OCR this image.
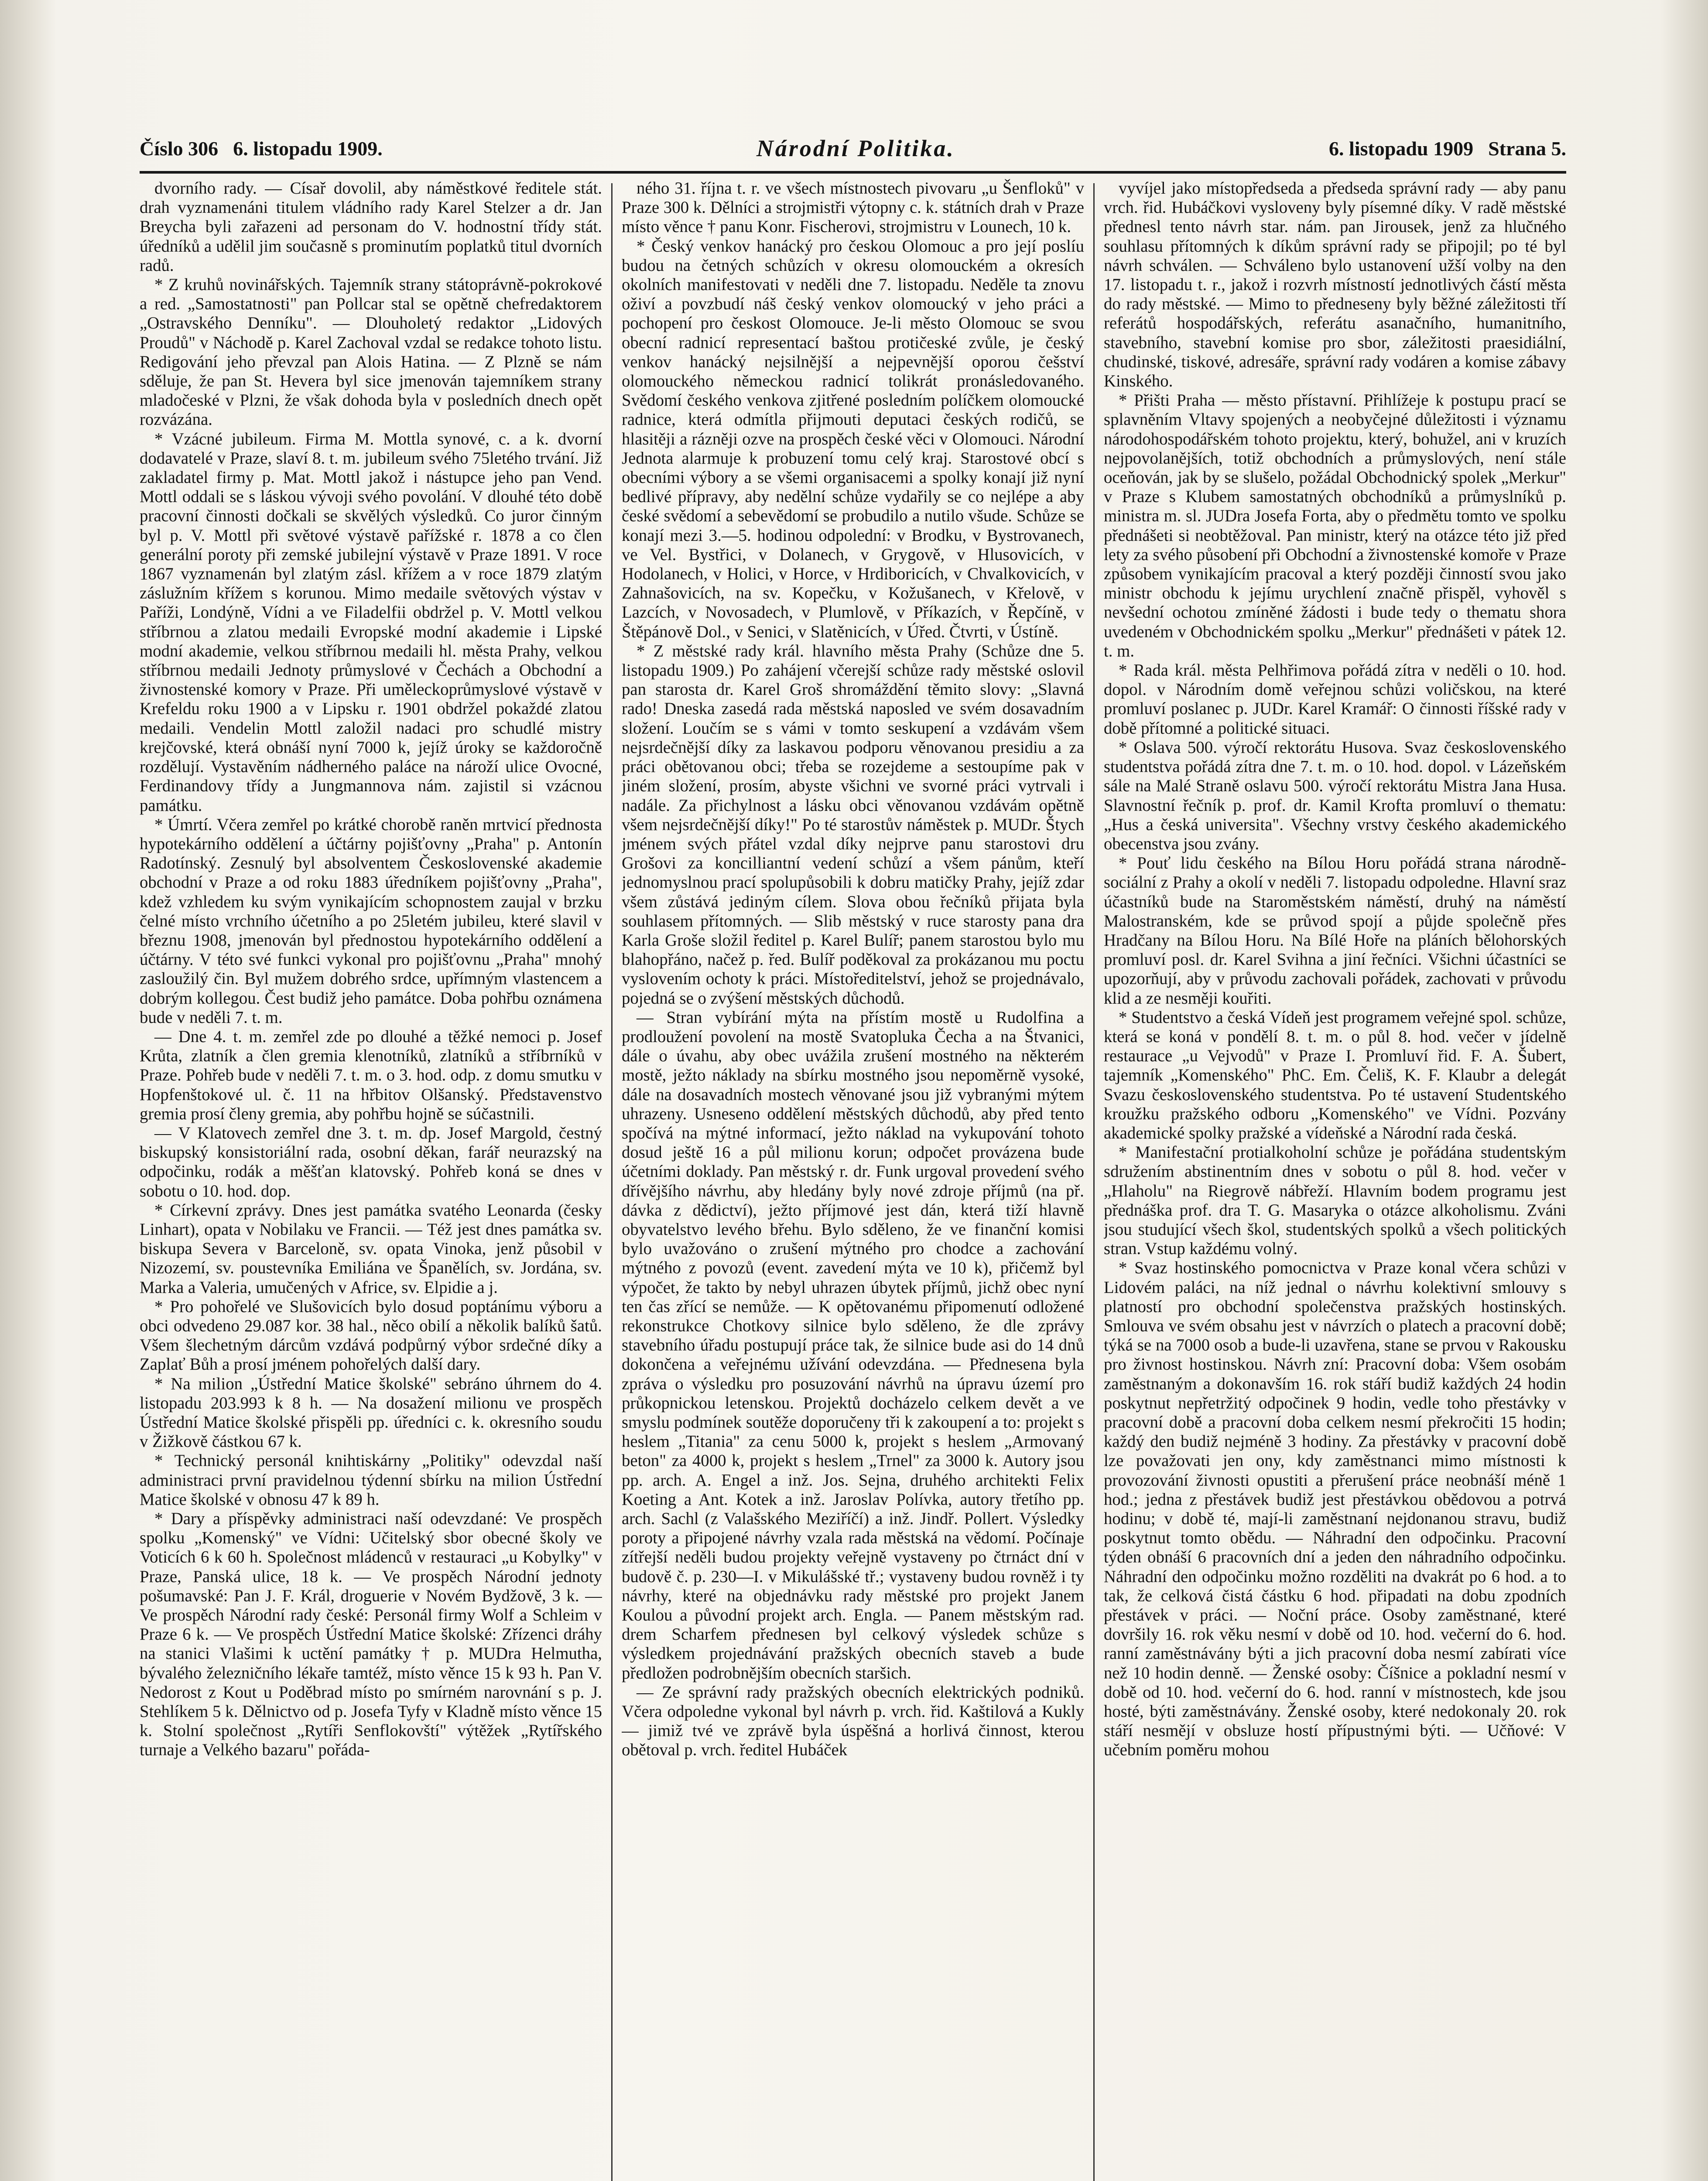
Číslo 306 6. listopadu 1909.	Národní Politika.	6. listopadu 1909 Strana 5.

dvorního rady. — Císař dovolil, aby náměstkové ředitele stát. drah vyznamenáni titulem vládního rady Karel Stelzer a dr. Jan Breycha byli zařazeni ad personam do V. hodnostní třídy stát. úředníků a udělil jim současně s prominutím poplatků titul dvorních radů.

* Z kruhů novinářských. Tajemník strany státoprávně-pokrokové a red. „Samostatnosti" pan Pollcar stal se opětně chefredaktorem „Ostravského Denníku". — Dlouholetý redaktor „Lidových Proudů" v Náchodě p. Karel Zachoval vzdal se redakce tohoto listu. Redigování jeho převzal pan Alois Hatina. — Z Plzně se nám sděluje, že pan St. Hevera byl sice jmenován tajemníkem strany mladočeské v Plzni, že však dohoda byla v posledních dnech opět rozvázána.

* Vzácné jubileum. Firma M. Mottla synové, c. a k. dvorní dodavatelé v Praze, slaví 8. t. m. jubileum svého 75letého trvání. Již zakladatel firmy p. Mat. Mottl jakož i nástupce jeho pan Vend. Mottl oddali se s láskou vývoji svého povolání. V dlouhé této době pracovní činnosti dočkali se skvělých výsledků. Co juror činným byl p. V. Mottl při světové výstavě pařížské r. 1878 a co člen generální poroty při zemské jubilejní výstavě v Praze 1891. V roce 1867 vyznamenán byl zlatým zásl. křížem a v roce 1879 zlatým záslužním křížem s korunou. Mimo medaile světových výstav v Paříži, Londýně, Vídni a ve Filadelfii obdržel p. V. Mottl velkou stříbrnou a zlatou medaili Evropské modní akademie i Lipské modní akademie, velkou stříbrnou medaili hl. města Prahy, velkou stříbrnou medaili Jednoty průmyslové v Čechách a Obchodní a živnostenské komory v Praze. Při uměleckoprůmyslové výstavě v Krefeldu roku 1900 a v Lipsku r. 1901 obdržel pokaždé zlatou medaili. Vendelin Mottl založil nadaci pro schudlé mistry krejčovské, která obnáší nyní 7000 k, jejíž úroky se každoročně rozdělují. Vystavěním nádherného paláce na nároží ulice Ovocné, Ferdinandovy třídy a Jungmannova nám. zajistil si vzácnou památku.

* Úmrtí. Včera zemřel po krátké chorobě raněn mrtvicí přednosta hypotekárního oddělení a účtárny pojišťovny „Praha" p. Antonín Radotínský. Zesnulý byl absolventem Československé akademie obchodní v Praze a od roku 1883 úředníkem pojišťovny „Praha", kdež vzhledem ku svým vynikajícím schopnostem zaujal v brzku čelné místo vrchního účetního a po 25letém jubileu, které slavil v březnu 1908, jmenován byl přednostou hypotekárního oddělení a účtárny. V této své funkci vykonal pro pojišťovnu „Praha" mnohý zasloužilý čin. Byl mužem dobrého srdce, upřímným vlastencem a dobrým kollegou. Čest budiž jeho památce. Doba pohřbu oznámena bude v neděli 7. t. m.

— Dne 4. t. m. zemřel zde po dlouhé a těžké nemoci p. Josef Krůta, zlatník a člen gremia klenotníků, zlatníků a stříbrníků v Praze. Pohřeb bude v neděli 7. t. m. o 3. hod. odp. z domu smutku v Hopfenštokové ul. č. 11 na hřbitov Olšanský. Představenstvo gremia prosí členy gremia, aby pohřbu hojně se súčastnili.

— V Klatovech zemřel dne 3. t. m. dp. Josef Margold, čestný biskupský konsistoriální rada, osobní děkan, farář neurazský na odpočinku, rodák a měšťan klatovský. Pohřeb koná se dnes v sobotu o 10. hod. dop.

* Církevní zprávy. Dnes jest památka svatého Leonarda (česky Linhart), opata v Nobilaku ve Francii. — Též jest dnes památka sv. biskupa Severa v Barceloně, sv. opata Vinoka, jenž působil v Nizozemí, sv. poustevníka Emiliána ve Španělích, sv. Jordána, sv. Marka a Valeria, umučených v Africe, sv. Elpidie a j.

* Pro pohořelé ve Slušovicích bylo dosud poptánímu výboru a obci odvedeno 29.087 kor. 38 hal., něco obilí a několik balíků šatů. Všem šlechetným dárcům vzdává podpůrný výbor srdečné díky a Zaplať Bůh a prosí jménem pohořelých další dary.

* Na milion „Ústřední Matice školské" sebráno úhrnem do 4. listopadu 203.993 k 8 h. — Na dosažení milionu ve prospěch Ústřední Matice školské přispěli pp. úředníci c. k. okresního soudu v Žižkově částkou 67 k.

* Technický personál knihtiskárny „Politiky" odevzdal naší administraci první pravidelnou týdenní sbírku na milion Ústřední Matice školské v obnosu 47 k 89 h.

* Dary a příspěvky administraci naší odevzdané: Ve prospěch spolku „Komenský" ve Vídni: Učitelský sbor obecné školy ve Voticích 6 k 60 h. Společnost mládenců v restauraci „u Kobylky" v Praze, Panská ulice, 18 k. — Ve prospěch Národní jednoty pošumavské: Pan J. F. Král, droguerie v Novém Bydžově, 3 k. — Ve prospěch Národní rady české: Personál firmy Wolf a Schleim v Praze 6 k. — Ve prospěch Ústřední Matice školské: Zřízenci dráhy na stanici Vlašimi k uctění památky † p. MUDra Helmutha, bývalého železničního lékaře tamtéž, místo věnce 15 k 93 h. Pan V. Nedorost z Kout u Poděbrad místo po smírném narovnání s p. J. Stehlíkem 5 k. Dělnictvo od p. Josefa Tyfy v Kladně místo věnce 15 k. Stolní společnost „Rytíři Senflokovští" výtěžek „Rytířského turnaje a Velkého bazaru" pořáda-

ného 31. října t. r. ve všech místnostech pivovaru „u Šenfloků" v Praze 300 k. Dělníci a strojmistři výtopny c. k. státních drah v Praze místo věnce † panu Konr. Fischerovi, strojmistru v Lounech, 10 k.

* Český venkov hanácký pro českou Olomouc a pro její poslíu budou na četných schůzích v okresu olomouckém a okresích okolních manifestovati v neděli dne 7. listopadu. Neděle ta znovu oživí a povzbudí náš český venkov olomoucký v jeho práci a pochopení pro českost Olomouce. Je-li město Olomouc se svou obecní radnicí representací baštou protičeské zvůle, je český venkov hanácký nejsilnější a nejpevnější oporou češství olomouckého německou radnicí tolikrát pronásledovaného. Svědomí českého venkova zjitřené posledním políčkem olomoucké radnice, která odmítla přijmouti deputaci českých rodičů, se hlasitěji a rázněji ozve na prospěch české věci v Olomouci. Národní Jednota alarmuje k probuzení tomu celý kraj. Starostové obcí s obecními výbory a se všemi organisacemi a spolky konají již nyní bedlivé přípravy, aby nedělní schůze vydařily se co nejlépe a aby české svědomí a sebevědomí se probudilo a nutilo všude. Schůze se konají mezi 3.—5. hodinou odpolední: v Brodku, v Bystrovanech, ve Vel. Bystřici, v Dolanech, v Grygově, v Hlusovicích, v Hodolanech, v Holici, v Horce, v Hrdiboricích, v Chvalkovicích, v Zahnašovicích, na sv. Kopečku, v Kožušanech, v Křelově, v Lazcích, v Novosadech, v Plumlově, v Příkazích, v Řepčíně, v Štěpánově Dol., v Senici, v Slatěnicích, v Úřed. Čtvrti, v Ústíně.

* Z městské rady král. hlavního města Prahy (Schůze dne 5. listopadu 1909.) Po zahájení včerejší schůze rady městské oslovil pan starosta dr. Karel Groš shromáždění těmito slovy: „Slavná rado! Dneska zasedá rada městská naposled ve svém dosavadním složení. Loučím se s vámi v tomto seskupení a vzdávám všem nejsrdečnější díky za laskavou podporu věnovanou presidiu a za práci obětovanou obci; třeba se rozejdeme a sestoupíme pak v jiném složení, prosím, abyste všichni ve svorné práci vytrvali i nadále. Za přichylnost a lásku obci věnovanou vzdávám opětně všem nejsrdečnější díky!" Po té starostův náměstek p. MUDr. Štych jménem svých přátel vzdal díky nejprve panu starostovi dru Grošovi za koncilliantní vedení schůzí a všem pánům, kteří jednomyslnou prací spolupůsobili k dobru matičky Prahy, jejíž zdar všem zůstává jediným cílem. Slova obou řečníků přijata byla souhlasem přítomných. — Slib městský v ruce starosty pana dra Karla Groše složil ředitel p. Karel Bulíř; panem starostou bylo mu blahopřáno, načež p. řed. Bulíř poděkoval za prokázanou mu poctu vyslovením ochoty k práci. Místoředitelství, jehož se projednávalo, pojedná se o zvýšení městských důchodů.

— Stran vybírání mýta na přístím mostě u Rudolfina a prodloužení povolení na mostě Svatopluka Čecha a na Štvanici, dále o úvahu, aby obec uvážila zrušení mostného na některém mostě, ježto náklady na sbírku mostného jsou nepoměrně vysoké, dále na dosavadních mostech věnované jsou již vybranými mýtem uhrazeny. Usneseno oddělení městských důchodů, aby před tento spočívá na mýtné informací, ježto náklad na vykupování tohoto dosud ještě 16 a půl milionu korun; odpočet provázena bude účetními doklady. Pan městský r. dr. Funk urgoval provedení svého dřívějšího návrhu, aby hledány byly nové zdroje příjmů (na př. dávka z dědictví), ježto příjmové jest dán, která tiží hlavně obyvatelstvo levého břehu. Bylo sděleno, že ve finanční komisi bylo uvažováno o zrušení mýtného pro chodce a zachování mýtného z povozů (event. zavedení mýta ve 10 k), přičemž byl výpočet, že takto by nebyl uhrazen úbytek příjmů, jichž obec nyní ten čas zřící se nemůže. — K opětovanému připomenutí odložené rekonstrukce Chotkovy silnice bylo sděleno, že dle zprávy stavebního úřadu postupují práce tak, že silnice bude asi do 14 dnů dokončena a veřejnému užívání odevzdána. — Přednesena byla zpráva o výsledku pro posuzování návrhů na úpravu území pro průkopnickou letenskou. Projektů docházelo celkem devět a ve smyslu podmínek soutěže doporučeny tři k zakoupení a to: projekt s heslem „Titania" za cenu 5000 k, projekt s heslem „Armovaný beton" za 4000 k, projekt s heslem „Trnel" za 3000 k. Autory jsou pp. arch. A. Engel a inž. Jos. Sejna, druhého architekti Felix Koeting a Ant. Kotek a inž. Jaroslav Polívka, autory třetího pp. arch. Sachl (z Valašského Meziříčí) a inž. Jindř. Pollert. Výsledky poroty a připojené návrhy vzala rada městská na vědomí. Počínaje zítřejší neděli budou projekty veřejně vystaveny po čtrnáct dní v budově č. p. 230—I. v Mikulášské tř.; vystaveny budou rovněž i ty návrhy, které na objednávku rady městské pro projekt Janem Koulou a původní projekt arch. Engla. — Panem městským rad. drem Scharfem přednesen byl celkový výsledek schůze s výsledkem projednávání pražských obecních staveb a bude předložen podrobnějším obecních staršich.

— Ze správní rady pražských obecních elektrických podniků. Včera odpoledne vykonal byl návrh p. vrch. řid. Kaštilová a Kukly — jimiž tvé ve zprávě byla úspěšná a horlivá činnost, kterou obětoval p. vrch. ředitel Hubáček

vyvíjel jako místopředseda a předseda správní rady — aby panu vrch. řid. Hubáčkovi vysloveny byly písemné díky. V radě městské přednesl tento návrh star. nám. pan Jirousek, jenž za hlučného souhlasu přítomných k díkům správní rady se připojil; po té byl návrh schválen. — Schváleno bylo ustanovení užší volby na den 17. listopadu t. r., jakož i rozvrh místností jednotlivých částí města do rady městské. — Mimo to předneseny byly běžné záležitosti tří referátů hospodářských, referátu asanačního, humanitního, stavebního, stavební komise pro sbor, záležitosti praesidiální, chudinské, tiskové, adresáře, správní rady vodáren a komise zábavy Kinského.

* Přišti Praha — město přístavní. Přihlížeje k postupu prací se splavněním Vltavy spojených a neobyčejné důležitosti i významu národohospodářském tohoto projektu, který, bohužel, ani v kruzích nejpovolanějších, totiž obchodních a průmyslových, není stále oceňován, jak by se slušelo, požádal Obchodnický spolek „Merkur" v Praze s Klubem samostatných obchodníků a průmyslníků p. ministra m. sl. JUDra Josefa Forta, aby o předmětu tomto ve spolku přednášeti si neobtěžoval. Pan ministr, který na otázce této již před lety za svého působení při Obchodní a živnostenské komoře v Praze způsobem vynikajícím pracoval a který později činností svou jako ministr obchodu k jejímu urychlení značně přispěl, vyhověl s nevšední ochotou zmíněné žádosti i bude tedy o thematu shora uvedeném v Obchodnickém spolku „Merkur" přednášeti v pátek 12. t. m.

* Rada král. města Pelhřimova pořádá zítra v neděli o 10. hod. dopol. v Národním domě veřejnou schůzi voličskou, na které promluví poslanec p. JUDr. Karel Kramář: O činnosti říšské rady v době přítomné a politické situaci.

* Oslava 500. výročí rektorátu Husova. Svaz československého studentstva pořádá zítra dne 7. t. m. o 10. hod. dopol. v Lázeňském sále na Malé Straně oslavu 500. výročí rektorátu Mistra Jana Husa. Slavnostní řečník p. prof. dr. Kamil Krofta promluví o thematu: „Hus a česká universita". Všechny vrstvy českého akademického obecenstva jsou zvány.

* Pouť lidu českého na Bílou Horu pořádá strana národně-sociální z Prahy a okolí v neděli 7. listopadu odpoledne. Hlavní sraz účastníků bude na Staroměstském náměstí, druhý na náměstí Malostranském, kde se průvod spojí a půjde společně přes Hradčany na Bílou Horu. Na Bílé Hoře na pláních bělohorských promluví posl. dr. Karel Svihna a jiní řečníci. Všichni účastníci se upozorňují, aby v průvodu zachovali pořádek, zachovati v průvodu klid a ze nesměji kouřiti.

* Studentstvo a česká Vídeň jest programem veřejné spol. schůze, která se koná v pondělí 8. t. m. o půl 8. hod. večer v jídelně restaurace „u Vejvodů" v Praze I. Promluví řid. F. A. Šubert, tajemník „Komenského" PhC. Em. Čeliš, K. F. Klaubr a delegát Svazu československého studentstva. Po té ustavení Studentského kroužku pražského odboru „Komenského" ve Vídni. Pozvány akademické spolky pražské a vídeňské a Národní rada česká.

* Manifestační protialkoholní schůze je pořádána studentským sdružením abstinentním dnes v sobotu o půl 8. hod. večer v „Hlaholu" na Riegrově nábřeží. Hlavním bodem programu jest přednáška prof. dra T. G. Masaryka o otázce alkoholismu. Zváni jsou studující všech škol, studentských spolků a všech politických stran. Vstup každému volný.

* Svaz hostinského pomocnictva v Praze konal včera schůzi v Lidovém paláci, na níž jednal o návrhu kolektivní smlouvy s platností pro obchodní společenstva pražských hostinských. Smlouva ve svém obsahu jest v návrzích o platech a pracovní době; týká se na 7000 osob a bude-li uzavřena, stane se prvou v Rakousku pro živnost hostinskou. Návrh zní: Pracovní doba: Všem osobám zaměstnaným a dokonavším 16. rok stáří budiž každých 24 hodin poskytnut nepřetržitý odpočinek 9 hodin, vedle toho přestávky v pracovní době a pracovní doba celkem nesmí překročiti 15 hodin; každý den budiž nejméně 3 hodiny. Za přestávky v pracovní době lze považovati jen ony, kdy zaměstnanci mimo místnosti k provozování živnosti opustiti a přerušení práce neobnáší méně 1 hod.; jedna z přestávek budiž jest přestávkou obědovou a potrvá hodinu; v době té, mají-li zaměstnaní nejdonanou stravu, budiž poskytnut tomto obědu. — Náhradní den odpočinku. Pracovní týden obnáší 6 pracovních dní a jeden den náhradního odpočinku. Náhradní den odpočinku možno rozděliti na dvakrát po 6 hod. a to tak, že celková čistá částku 6 hod. připadati na dobu zpodních přestávek v práci. — Noční práce. Osoby zaměstnané, které dovršily 16. rok věku nesmí v době od 10. hod. večerní do 6. hod. ranní zaměstnávány býti a jich pracovní doba nesmí zabírati více než 10 hodin denně. — Ženské osoby: Číšnice a pokladní nesmí v době od 10. hod. večerní do 6. hod. ranní v místnostech, kde jsou hosté, býti zaměstnávány. Ženské osoby, které nedokonaly 20. rok stáří nesmějí v obsluze hostí přípustnými býti. — Učňové: V učebním poměru mohou
